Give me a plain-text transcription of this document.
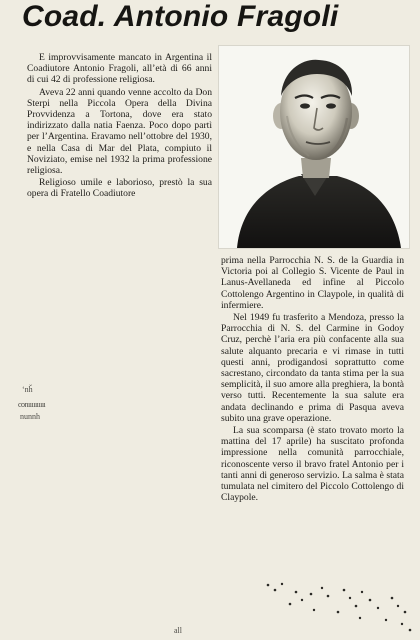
Coad. Antonio Fragoli

E improvvisamente mancato in Argentina il Coadiutore Antonio Fragoli, all’età di 66 anni di cui 42 di professione religiosa.

Aveva 22 anni quando venne accolto da Don Sterpi nella Piccola Opera della Divina Provvidenza a Tortona, dove era stato indirizzato dalla natia Faenza. Poco dopo partì per l’Argentina. Eravamo nell’ottobre del 1930, e nella Casa di Mar del Plata, compiuto il Noviziato, emise nel 1932 la prima professione religiosa.

Religioso umile e laborioso, prestò la sua opera di Fratello Coadiutore

prima nella Parrocchia N. S. de la Guardia in Victoria poi al Collegio S. Vicente de Paul in Lanus-Avellaneda ed infine al Piccolo Cottolengo Argentino in Claypole, in qualità di infermiere.

Nel 1949 fu trasferito a Mendoza, presso la Parrocchia di N. S. del Carmine in Godoy Cruz, perchè l’aria era più confacente alla sua salute alquanto precaria e vi rimase in tutti questi anni, prodigandosi soprattutto come sacrestano, circondato da tanta stima per la sua semplicità, il suo amore alla preghiera, la bontà verso tutti. Recentemente la sua salute era andata declinando e prima di Pasqua aveva subito una grave operazione.

La sua scomparsa (è stato trovato morto la mattina del 17 aprile) ha suscitato profonda impressione nella comunità parrocchiale, riconoscente verso il bravo fratel Antonio per i tanti anni di generoso servizio. La salma è stata tumulata nel cimitero del Piccolo Cottolengo di Claypole.

ʻnȟ
conıııııııııı
nunnh
all
